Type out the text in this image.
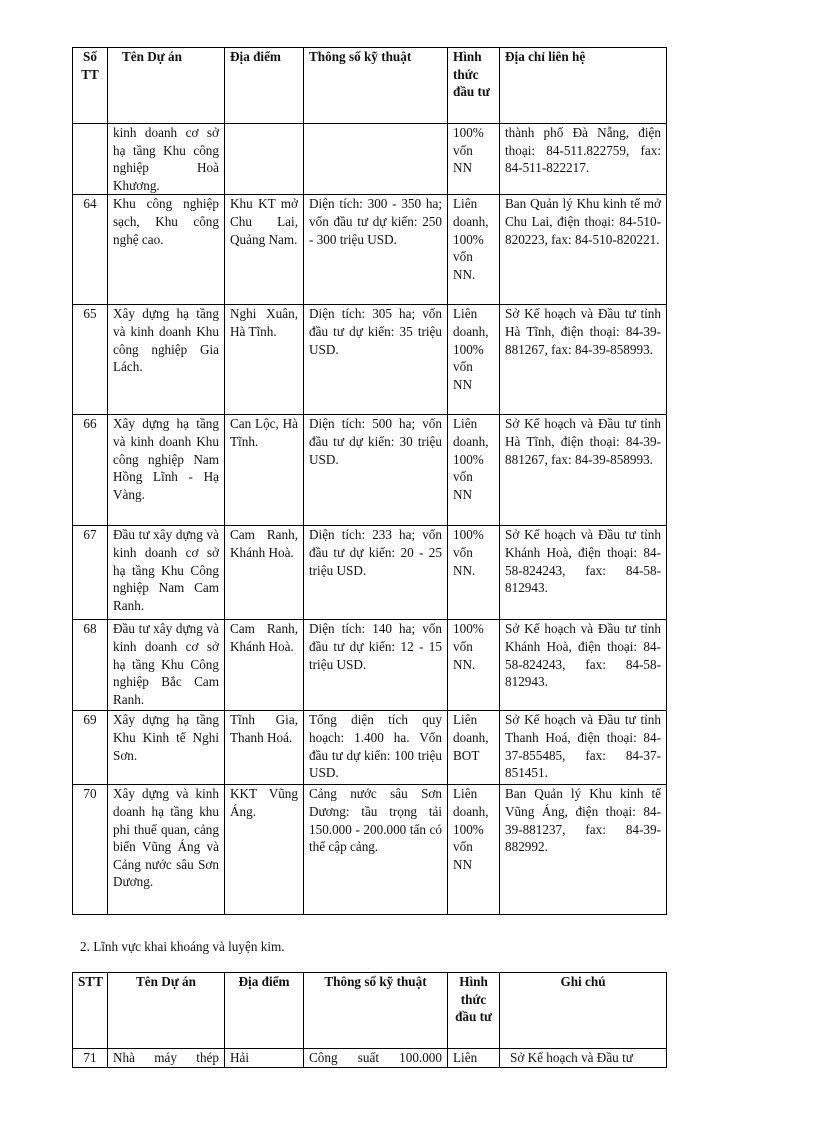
Số TT	Tên Dự án	Địa điểm	Thông số kỹ thuật	Hình thức đầu tư	Địa chỉ liên hệ
	kinh doanh cơ sở hạ tầng Khu công nghiệp Hoà Khương.			100% vốn NN	thành phố Đà Nẵng, điện thoại: 84-511.822759, fax: 84-511-822217.
64	Khu công nghiệp sạch, Khu công nghệ cao.	Khu KT mở Chu Lai, Quảng Nam.	Diện tích: 300 - 350 ha; vốn đầu tư dự kiến: 250 - 300 triệu USD.	Liên doanh, 100% vốn NN.	Ban Quản lý Khu kinh tế mở Chu Lai, điện thoại: 84-510-820223, fax: 84-510-820221.
65	Xây dựng hạ tầng và kinh doanh Khu công nghiệp Gia Lách.	Nghi Xuân, Hà Tĩnh.	Diện tích: 305 ha; vốn đầu tư dự kiến: 35 triệu USD.	Liên doanh, 100% vốn NN	Sở Kế hoạch và Đầu tư tỉnh Hà Tĩnh, điện thoại: 84-39-881267, fax: 84-39-858993.
66	Xây dựng hạ tầng và kinh doanh Khu công nghiệp Nam Hồng Lĩnh - Hạ Vàng.	Can Lộc, Hà Tĩnh.	Diện tích: 500 ha; vốn đầu tư dự kiến: 30 triệu USD.	Liên doanh, 100% vốn NN	Sở Kế hoạch và Đầu tư tỉnh Hà Tĩnh, điện thoại: 84-39-881267, fax: 84-39-858993.
67	Đầu tư xây dựng và kinh doanh cơ sở hạ tầng Khu Công nghiệp Nam Cam Ranh.	Cam Ranh, Khánh Hoà.	Diện tích: 233 ha; vốn đầu tư dự kiến: 20 - 25 triệu USD.	100% vốn NN.	Sở Kế hoạch và Đầu tư tỉnh Khánh Hoà, điện thoại: 84-58-824243, fax: 84-58-812943.
68	Đầu tư xây dựng và kinh doanh cơ sở hạ tầng Khu Công nghiệp Bắc Cam Ranh.	Cam Ranh, Khánh Hoà.	Diện tích: 140 ha; vốn đầu tư dự kiến: 12 - 15 triệu USD.	100% vốn NN.	Sở Kế hoạch và Đầu tư tỉnh Khánh Hoà, điện thoại: 84-58-824243, fax: 84-58-812943.
69	Xây dựng hạ tầng Khu Kinh tế Nghi Sơn.	Tĩnh Gia, Thanh Hoá.	Tổng diện tích quy hoạch: 1.400 ha. Vốn đầu tư dự kiến: 100 triệu USD.	Liên doanh, BOT	Sở Kế hoạch và Đầu tư tỉnh Thanh Hoá, điện thoại: 84-37-855485, fax: 84-37-851451.
70	Xây dựng và kinh doanh hạ tầng khu phi thuế quan, cảng biển Vũng Áng và Cảng nước sâu Sơn Dương.	KKT Vũng Áng.	Cảng nước sâu Sơn Dương: tầu trọng tải 150.000 - 200.000 tấn có thể cập cảng.	Liên doanh, 100% vốn NN	Ban Quản lý Khu kinh tế Vũng Áng, điện thoại: 84-39-881237, fax: 84-39-882992.

2. Lĩnh vực khai khoáng và luyện kim.

STT	Tên Dự án	Địa điểm	Thông số kỹ thuật	Hình thức đầu tư	Ghi chú
71	Nhà máy thép	Hải	Công suất 100.000	Liên	Sở Kế hoạch và Đầu tư
